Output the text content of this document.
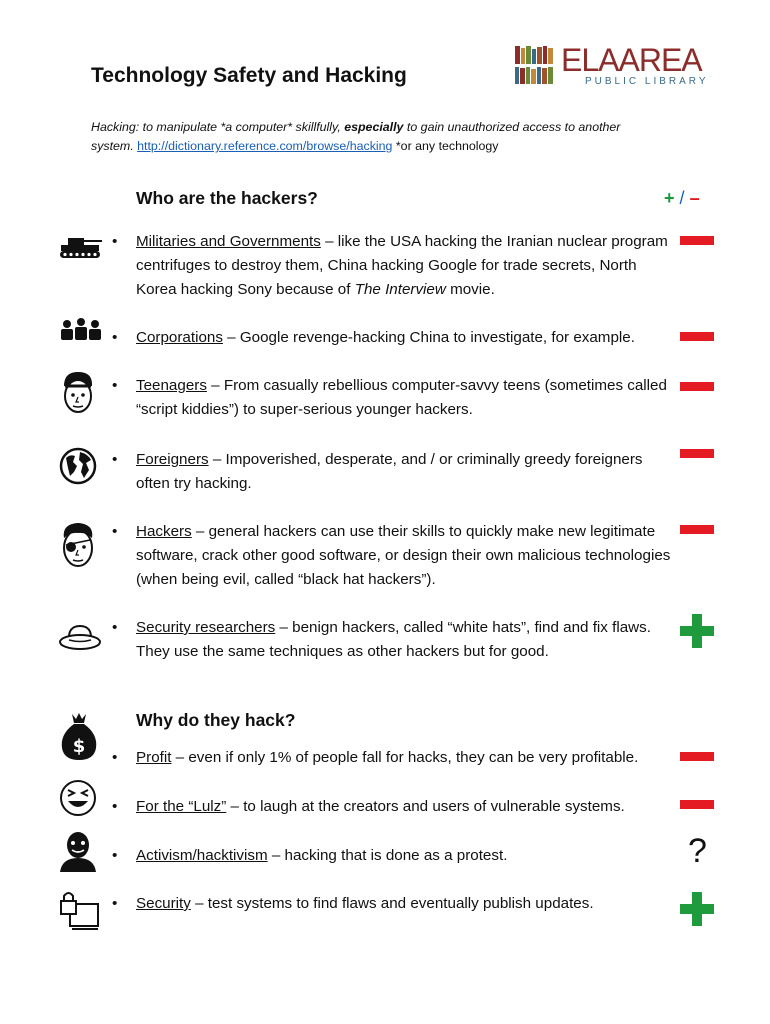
Technology Safety and Hacking	ELAAREA
PUBLIC LIBRARY
Hacking: to manipulate *a computer* skillfully, especially to gain unauthorized access to another system. http://dictionary.reference.com/browse/hacking *or any technology
Who are the hackers?	+ / –
• Militaries and Governments – like the USA hacking the Iranian nuclear program centrifuges to destroy them, China hacking Google for trade secrets, North Korea hacking Sony because of The Interview movie.
• Corporations – Google revenge-hacking China to investigate, for example.
• Teenagers – From casually rebellious computer-savvy teens (sometimes called “script kiddies”) to super-serious younger hackers.
• Foreigners – Impoverished, desperate, and / or criminally greedy foreigners often try hacking.
• Hackers – general hackers can use their skills to quickly make new legitimate software, crack other good software, or design their own malicious technologies (when being evil, called “black hat hackers”).
• Security researchers – benign hackers, called “white hats”, find and fix flaws. They use the same techniques as other hackers but for good.
Why do they hack?
$
• Profit – even if only 1% of people fall for hacks, they can be very profitable.
• For the “Lulz” – to laugh at the creators and users of vulnerable systems.
• Activism/hacktivism – hacking that is done as a protest.	?
• Security – test systems to find flaws and eventually publish updates.
